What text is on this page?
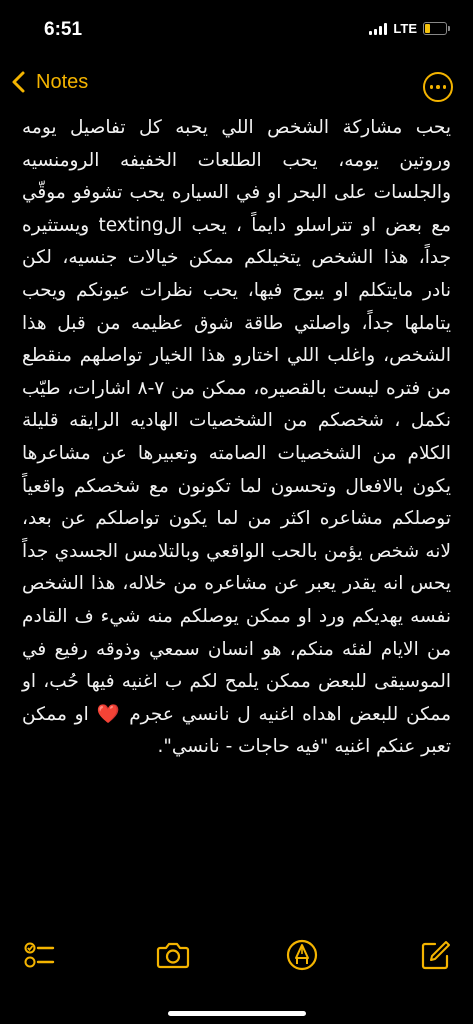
6:51	LTE
Notes
يحب مشاركة الشخص اللي يحبه كل تفاصيل يومه وروتين يومه، يحب الطلعات الخفيفه الرومنسيه والجلسات على البحر او في السياره يحب تشوفو موقّي مع بعض او تتراسلو دايماً ، يحب الtexting ويستثيره جداً، هذا الشخص يتخيلكم ممكن خيالات جنسيه، لكن نادر مايتكلم او يبوح فيها، يحب نظرات عيونكم ويحب يتاملها جداً، واصلتي طاقة شوق عظيمه من قبل هذا الشخص، واغلب اللي اختارو هذا الخيار تواصلهم منقطع من فتره ليست بالقصيره، ممكن من ٧-٨ اشارات، طيّب نكمل ، شخصكم من الشخصيات الهاديه الرايقه قليلة الكلام من الشخصيات الصامته وتعبيرها عن مشاعرها يكون بالافعال وتحسون لما تكونون مع شخصكم واقعياً توصلكم مشاعره اكثر من لما يكون تواصلكم عن بعد، لانه شخص يؤمن بالحب الواقعي وبالتلامس الجسدي جداً يحس انه يقدر يعبر عن مشاعره من خلاله، هذا الشخص نفسه يهديكم ورد او ممكن يوصلكم منه شيء ف القادم من الايام لفئه منكم، هو انسان سمعي وذوقه رفيع في الموسيقى للبعض ممكن يلمح لكم ب اغنيه فيها حُب، او ممكن للبعض اهداه اغنيه ل نانسي عجرم ❤️ او ممكن تعبر عنكم اغنيه "فيه حاجات - نانسي".
